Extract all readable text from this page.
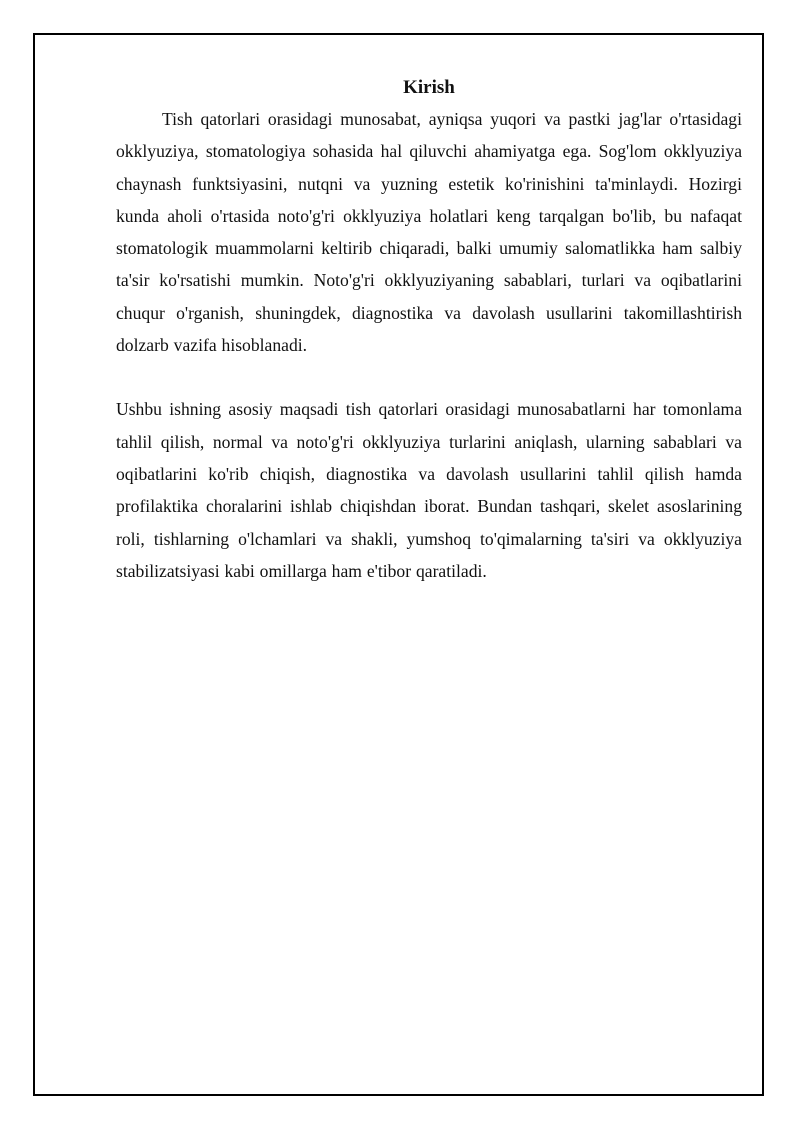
Kirish

Tish qatorlari orasidagi munosabat, ayniqsa yuqori va pastki jag'lar o'rtasidagi okklyuziya, stomatologiya sohasida hal qiluvchi ahamiyatga ega. Sog'lom okklyuziya chaynash funktsiyasini, nutqni va yuzning estetik ko'rinishini ta'minlaydi. Hozirgi kunda aholi o'rtasida noto'g'ri okklyuziya holatlari keng tarqalgan bo'lib, bu nafaqat stomatologik muammolarni keltirib chiqaradi, balki umumiy salomatlikka ham salbiy ta'sir ko'rsatishi mumkin. Noto'g'ri okklyuziyaning sabablari, turlari va oqibatlarini chuqur o'rganish, shuningdek, diagnostika va davolash usullarini takomillashtirish dolzarb vazifa hisoblanadi.

Ushbu ishning asosiy maqsadi tish qatorlari orasidagi munosabatlarni har tomonlama tahlil qilish, normal va noto'g'ri okklyuziya turlarini aniqlash, ularning sabablari va oqibatlarini ko'rib chiqish, diagnostika va davolash usullarini tahlil qilish hamda profilaktika choralarini ishlab chiqishdan iborat. Bundan tashqari, skelet asoslarining roli, tishlarning o'lchamlari va shakli, yumshoq to'qimalarning ta'siri va okklyuziya stabilizatsiyasi kabi omillarga ham e'tibor qaratiladi.
